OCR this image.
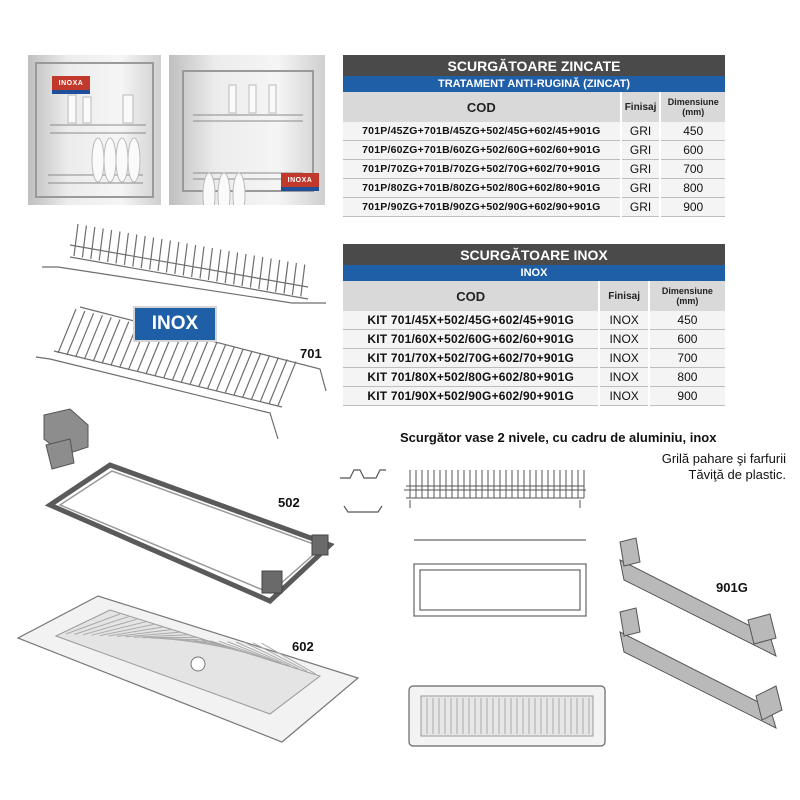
INOXA
INOXA
SCURGĂTOARE ZINCATE		
TRATAMENT ANTI-RUGINĂ (ZINCAT)		
COD	Finisaj	Dimensiune (mm)
701P/45ZG+701B/45ZG+502/45G+602/45+901G	GRI	450
701P/60ZG+701B/60ZG+502/60G+602/60+901G	GRI	600
701P/70ZG+701B/70ZG+502/70G+602/70+901G	GRI	700
701P/80ZG+701B/80ZG+502/80G+602/80+901G	GRI	800
701P/90ZG+701B/90ZG+502/90G+602/90+901G	GRI	900
SCURGĂTOARE INOX		
INOX		
COD	Finisaj	Dimensiune (mm)
KIT 701/45X+502/45G+602/45+901G	INOX	450
KIT 701/60X+502/60G+602/60+901G	INOX	600
KIT 701/70X+502/70G+602/70+901G	INOX	700
KIT 701/80X+502/80G+602/80+901G	INOX	800
KIT 701/90X+502/90G+602/90+901G	INOX	900
INOX
701
502
602
Scurgător vase 2 nivele, cu cadru de aluminiu, inox
Grilă pahare şi farfurii
Tăviţă de plastic.
901G
